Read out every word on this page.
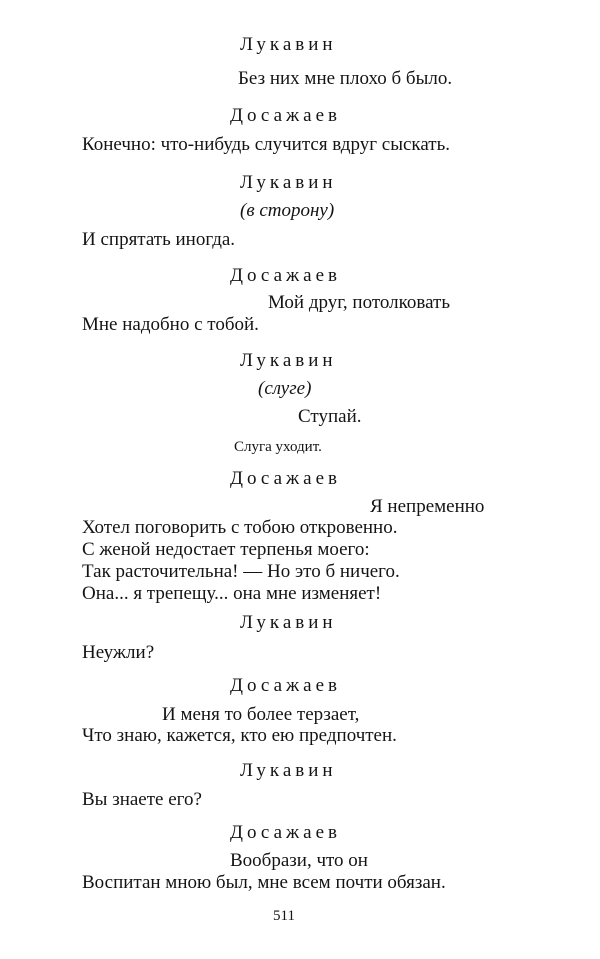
Лукавин
Без них мне плохо б было.
Досажаев
Конечно: что-нибудь случится вдруг сыскать.
Лукавин
(в сторону)
И спрятать иногда.
Досажаев
Мой друг, потолковать
Мне надобно с тобой.
Лукавин
(слуге)
Ступай.
Слуга уходит.
Досажаев
Я непременно
Хотел поговорить с тобою откровенно.
С женой недостает терпенья моего:
Так расточительна! — Но это б ничего.
Она... я трепещу... она мне изменяет!
Лукавин
Неужли?
Досажаев
И меня то более терзает,
Что знаю, кажется, кто ею предпочтен.
Лукавин
Вы знаете его?
Досажаев
Вообрази, что он
Воспитан мною был, мне всем почти обязан.
511
